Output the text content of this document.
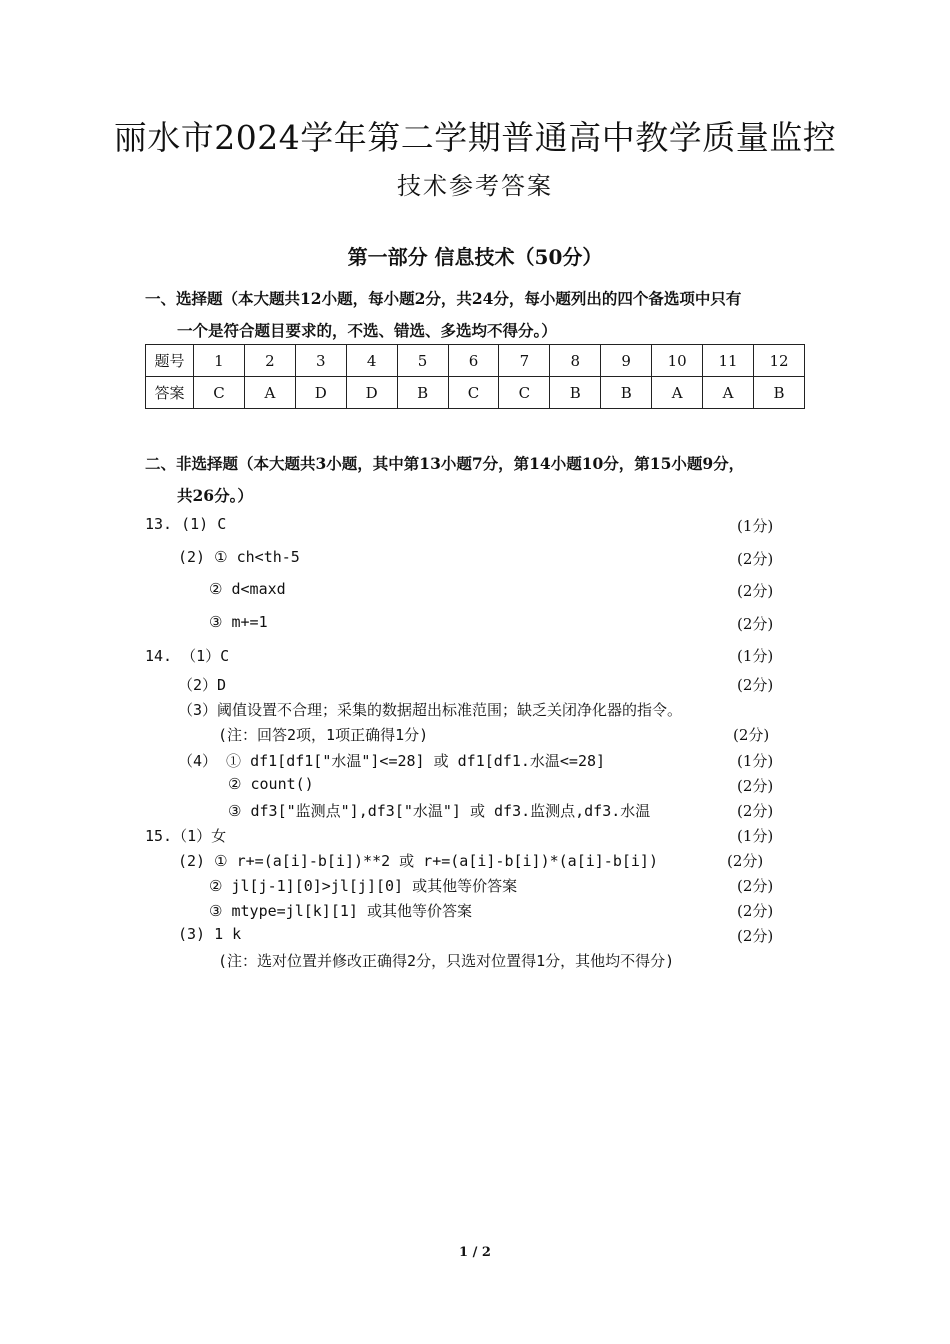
丽水市2024学年第二学期普通高中教学质量监控
技术参考答案
第一部分 信息技术（50分）
一、选择题（本大题共12小题，每小题2分，共24分，每小题列出的四个备选项中只有
一个是符合题目要求的，不选、错选、多选均不得分。）
题号	1	2	3	4	5	6	7	8	9	10	11	12
答案	C	A	D	D	B	C	C	B	B	A	A	B
二、非选择题（本大题共3小题，其中第13小题7分，第14小题10分，第15小题9分，
共26分。）
13. (1) C	(1分)
(2) ① ch<th-5	(2分)
② d<maxd	(2分)
③ m+=1	(2分)
14. （1）C	(1分)
（2）D	(2分)
（3）阈值设置不合理；采集的数据超出标准范围；缺乏关闭净化器的指令。
(注：回答2项，1项正确得1分)	(2分)
（4） ① df1[df1["水温"]<=28] 或 df1[df1.水温<=28]	(1分)
② count()	(2分)
③ df3["监测点"],df3["水温"] 或 df3.监测点,df3.水温	(2分)
15.（1）女	(1分)
(2) ① r+=(a[i]-b[i])**2 或 r+=(a[i]-b[i])*(a[i]-b[i])	(2分)
② jl[j-1][0]>jl[j][0] 或其他等价答案	(2分)
③ mtype=jl[k][1] 或其他等价答案	(2分)
(3) 1 k	(2分)
(注：选对位置并修改正确得2分，只选对位置得1分，其他均不得分)
1 / 2
